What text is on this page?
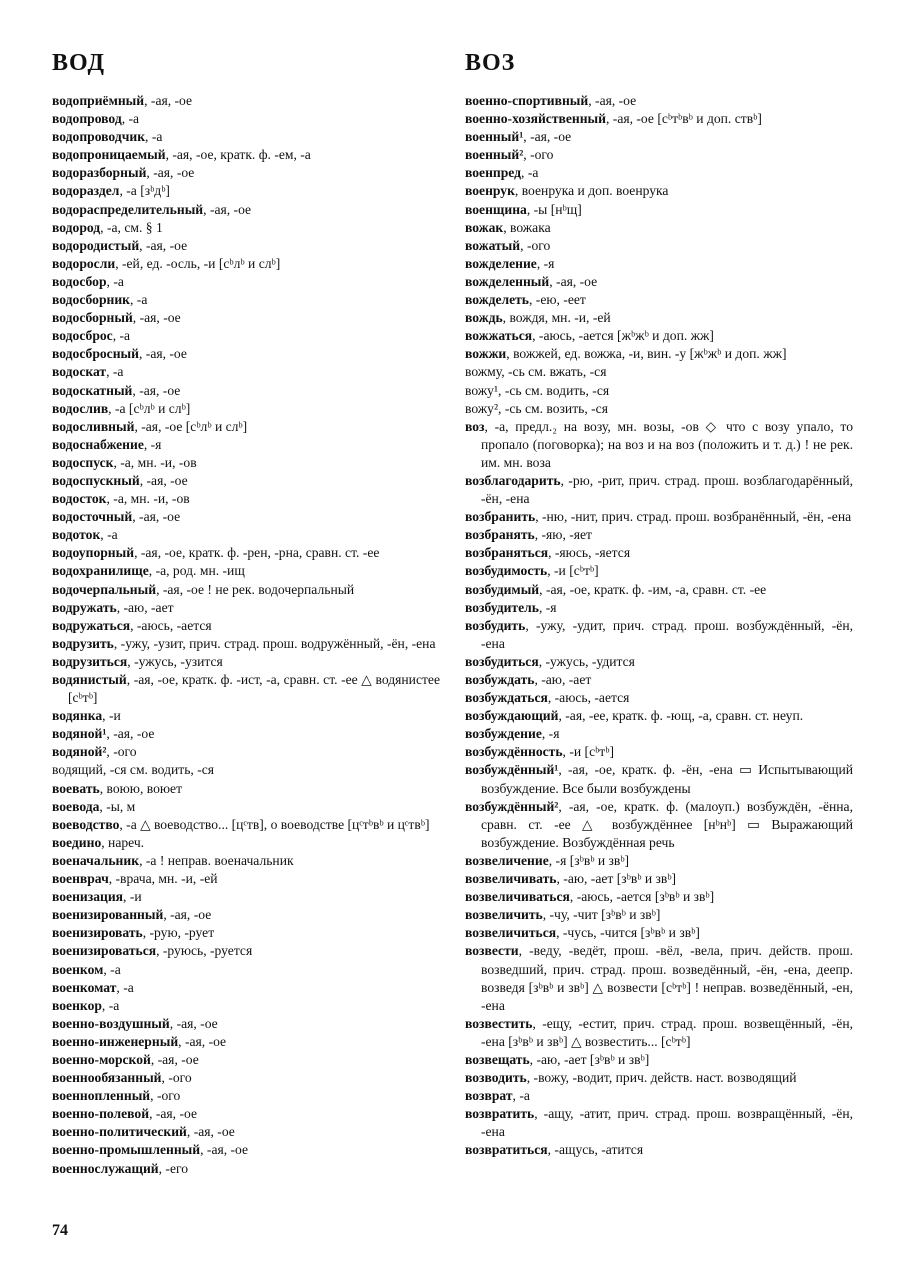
ВОД	ВОЗ
водоприёмный, -ая, -ое
водопровод, -а
водопроводчик, -а
водопроницаемый, -ая, -ое, кратк. ф. -ем, -а
водоразборный, -ая, -ое
водораздел, -а [зᵇдᵇ]
водораспределительный, -ая, -ое
водород, -а, см. § 1
водородистый, -ая, -ое
водоросли, -ей, ед. -осль, -и [сᵇлᵇ и слᵇ]
водосбор, -а
водосборник, -а
водосборный, -ая, -ое
водосброс, -а
водосбросный, -ая, -ое
водоскат, -а
водоскатный, -ая, -ое
водослив, -а [сᵇлᵇ и слᵇ]
водосливный, -ая, -ое [сᵇлᵇ и слᵇ]
водоснабжение, -я
водоспуск, -а, мн. -и, -ов
водоспускный, -ая, -ое
водосток, -а, мн. -и, -ов
водосточный, -ая, -ое
водоток, -а
водоупорный, -ая, -ое, кратк. ф. -рен, -рна, сравн. ст. -ее
водохранилище, -а, род. мн. -ищ
водочерпальный, -ая, -ое ! не рек. водочерпальный
водружать, -аю, -ает
водружаться, -аюсь, -ается
водрузить, -ужу, -узит, прич. страд. прош. водружённый, -ён, -ена
водрузиться, -ужусь, -узится
водянистый, -ая, -ое, кратк. ф. -ист, -а, сравн. ст. -ее △ водянистее [сᵇтᵇ]
водянка, -и
водяной¹, -ая, -ое
водяной², -ого
водящий, -ся см. водить, -ся
воевать, воюю, воюет
воевода, -ы, м
воеводство, -а △ воеводство... [цᶜтв], о воеводстве [цᶜтᵇвᵇ и цᶜтвᵇ]
воедино, нареч.
военачальник, -а ! неправ. военачальник
военврач, -врача, мн. -и, -ей
военизация, -и
военизированный, -ая, -ое
военизировать, -рую, -рует
военизироваться, -руюсь, -руется
военком, -а
военкомат, -а
военкор, -а
военно-воздушный, -ая, -ое
военно-инженерный, -ая, -ое
военно-морской, -ая, -ое
военнообязанный, -ого
военнопленный, -ого
военно-полевой, -ая, -ое
военно-политический, -ая, -ое
военно-промышленный, -ая, -ое
военнослужащий, -его
военно-спортивный, -ая, -ое
военно-хозяйственный, -ая, -ое [сᵇтᵇвᵇ и доп. ствᵇ]
военный¹, -ая, -ое
военный², -ого
военпред, -а
военрук, военрука и доп. военрука
военщина, -ы [нᵇщ]
вожак, вожака
вожатый, -ого
вожделение, -я
вожделенный, -ая, -ое
вожделеть, -ею, -еет
вождь, вождя, мн. -и, -ей
вожжаться, -аюсь, -ается [жᵇжᵇ и доп. жж]
вожжи, вожжей, ед. вожжа, -и, вин. -у [жᵇжᵇ и доп. жж]
вожму, -сь см. вжать, -ся
вожу¹, -сь см. водить, -ся
вожу², -сь см. возить, -ся
воз, -а, предл.₂ на возу, мн. возы, -ов ◇ что с возу упало, то пропало (поговорка); на воз и на воз (положить и т. д.) ! не рек. им. мн. воза
возблагодарить, -рю, -рит, прич. страд. прош. возблагодарённый, -ён, -ена
возбранить, -ню, -нит, прич. страд. прош. возбранённый, -ён, -ена
возбранять, -яю, -яет
возбраняться, -яюсь, -яется
возбудимость, -и [сᵇтᵇ]
возбудимый, -ая, -ое, кратк. ф. -им, -а, сравн. ст. -ее
возбудитель, -я
возбудить, -ужу, -удит, прич. страд. прош. возбуждённый, -ён, -ена
возбудиться, -ужусь, -удится
возбуждать, -аю, -ает
возбуждаться, -аюсь, -ается
возбуждающий, -ая, -ее, кратк. ф. -ющ, -а, сравн. ст. неуп.
возбуждение, -я
возбуждённость, -и [сᵇтᵇ]
возбуждённый¹, -ая, -ое, кратк. ф. -ён, -ена ▭ Испытывающий возбуждение. Все были возбуждены
возбуждённый², -ая, -ое, кратк. ф. (малоуп.) возбуждён, -ённа, сравн. ст. -ее △ возбуждённее [нᵇнᵇ] ▭ Выражающий возбуждение. Возбуждённая речь
возвеличение, -я [зᵇвᵇ и звᵇ]
возвеличивать, -аю, -ает [зᵇвᵇ и звᵇ]
возвеличиваться, -аюсь, -ается [зᵇвᵇ и звᵇ]
возвеличить, -чу, -чит [зᵇвᵇ и звᵇ]
возвеличиться, -чусь, -чится [зᵇвᵇ и звᵇ]
возвести, -веду, -ведёт, прош. -вёл, -вела, прич. действ. прош. возведший, прич. страд. прош. возведённый, -ён, -ена, деепр. возведя [зᵇвᵇ и звᵇ] △ возвести [сᵇтᵇ] ! неправ. возведённый, -ен, -ена
возвестить, -ещу, -естит, прич. страд. прош. возвещённый, -ён, -ена [зᵇвᵇ и звᵇ] △ возвестить... [сᵇтᵇ]
возвещать, -аю, -ает [зᵇвᵇ и звᵇ]
возводить, -вожу, -водит, прич. действ. наст. возводящий
возврат, -а
возвратить, -ащу, -атит, прич. страд. прош. возвращённый, -ён, -ена
возвратиться, -ащусь, -атится
74
